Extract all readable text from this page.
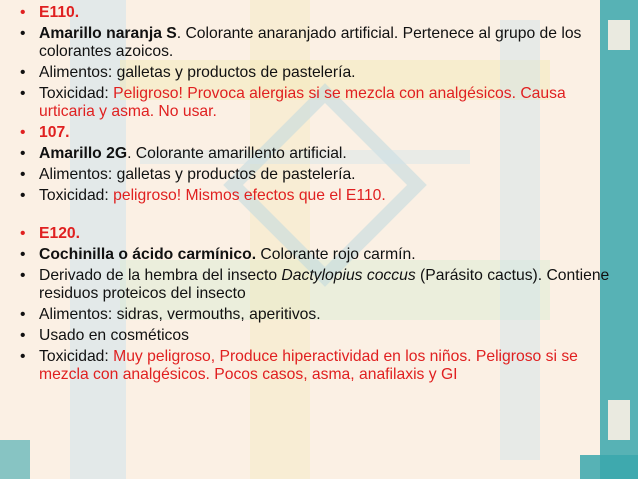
• E110.
• Amarillo naranja S. Colorante anaranjado artificial. Pertenece al grupo de los colorantes azoicos.
• Alimentos: galletas y productos de pastelería.
• Toxicidad: Peligroso! Provoca alergias si se mezcla con analgésicos. Causa urticaria y asma. No usar.
• 107.
• Amarillo 2G. Colorante amarillento artificial.
• Alimentos: galletas y productos de pastelería.
• Toxicidad: peligroso! Mismos efectos que el E110.
• E120.
• Cochinilla o ácido carmínico. Colorante rojo carmín.
• Derivado de la hembra del insecto Dactylopius coccus (Parásito cactus). Contiene residuos proteicos del insecto
• Alimentos: sidras, vermouths, aperitivos.
• Usado en cosméticos
• Toxicidad: Muy peligroso, Produce hiperactividad en los niños. Peligroso si se mezcla con analgésicos. Pocos casos, asma, anafilaxis y GI
